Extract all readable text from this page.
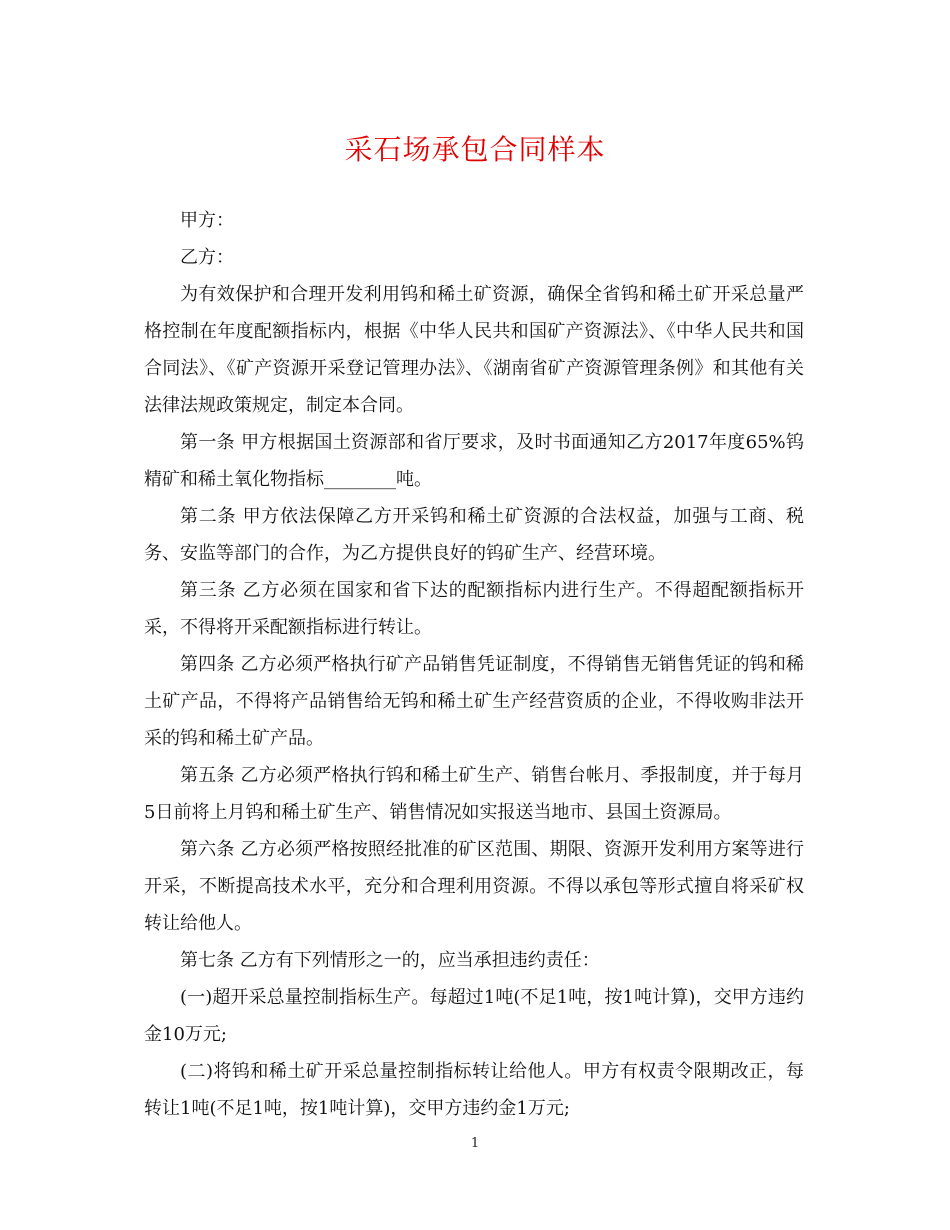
采石场承包合同样本

甲方：

乙方：

为有效保护和合理开发利用钨和稀土矿资源，确保全省钨和稀土矿开采总量严格控制在年度配额指标内，根据《中华人民共和国矿产资源法》、《中华人民共和国合同法》、《矿产资源开采登记管理办法》、《湖南省矿产资源管理条例》和其他有关法律法规政策规定，制定本合同。

第一条 甲方根据国土资源部和省厅要求，及时书面通知乙方2017年度65%钨精矿和稀土氧化物指标________吨。

第二条 甲方依法保障乙方开采钨和稀土矿资源的合法权益，加强与工商、税务、安监等部门的合作，为乙方提供良好的钨矿生产、经营环境。

第三条 乙方必须在国家和省下达的配额指标内进行生产。不得超配额指标开采，不得将开采配额指标进行转让。

第四条 乙方必须严格执行矿产品销售凭证制度，不得销售无销售凭证的钨和稀土矿产品，不得将产品销售给无钨和稀土矿生产经营资质的企业，不得收购非法开采的钨和稀土矿产品。

第五条 乙方必须严格执行钨和稀土矿生产、销售台帐月、季报制度，并于每月5日前将上月钨和稀土矿生产、销售情况如实报送当地市、县国土资源局。

第六条 乙方必须严格按照经批准的矿区范围、期限、资源开发利用方案等进行开采，不断提高技术水平，充分和合理利用资源。不得以承包等形式擅自将采矿权转让给他人。

第七条 乙方有下列情形之一的，应当承担违约责任：

(一)超开采总量控制指标生产。每超过1吨(不足1吨，按1吨计算)，交甲方违约金10万元;

(二)将钨和稀土矿开采总量控制指标转让给他人。甲方有权责令限期改正，每转让1吨(不足1吨，按1吨计算)，交甲方违约金1万元;

1
